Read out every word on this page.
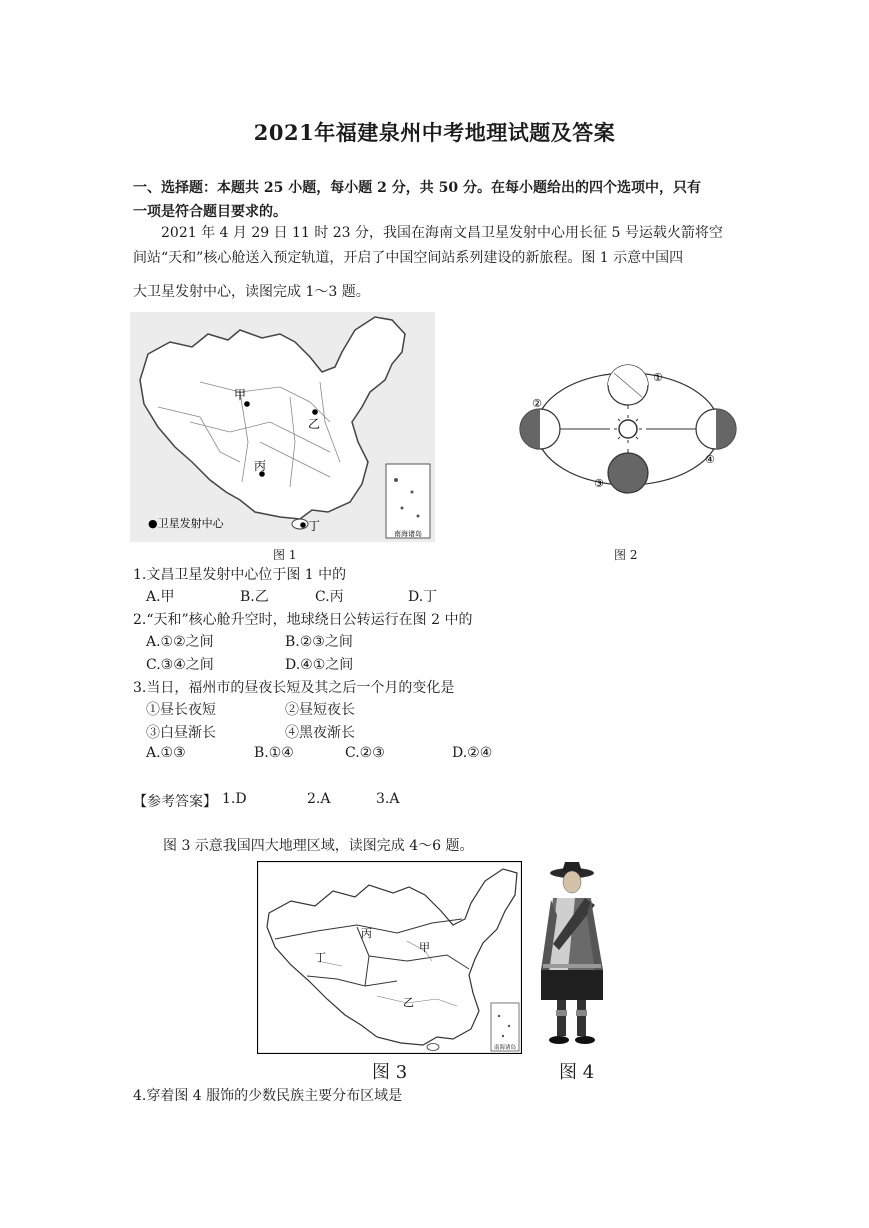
2021年福建泉州中考地理试题及答案
一、选择题：本题共 25 小题，每小题 2 分，共 50 分。在每小题给出的四个选项中，只有
一项是符合题目要求的。
2021 年 4 月 29 日 11 时 23 分，我国在海南文昌卫星发射中心用长征 5 号运载火箭将空
间站“天和”核心舱送入预定轨道，开启了中国空间站系列建设的新旅程。图 1 示意中国四
大卫星发射中心，读图完成 1～3 题。
南海诸岛
甲
乙
丙
丁
●卫星发射中心
图 1
①
②
③
④
图 2
1.文昌卫星发射中心位于图 1 中的
A.甲	B.乙	C.丙	D.丁
2.“天和”核心舱升空时，地球绕日公转运行在图 2 中的
A.①②之间	B.②③之间
C.③④之间	D.④①之间
3.当日，福州市的昼夜长短及其之后一个月的变化是
①昼长夜短	②昼短夜长
③白昼渐长	④黑夜渐长
A.①③	B.①④	C.②③	D.②④
【参考答案】 1.D	2.A	3.A
图 3 示意我国四大地理区域，读图完成 4～6 题。
南海诸岛
丙
甲
丁
乙
图 3	图 4
4.穿着图 4 服饰的少数民族主要分布区域是
